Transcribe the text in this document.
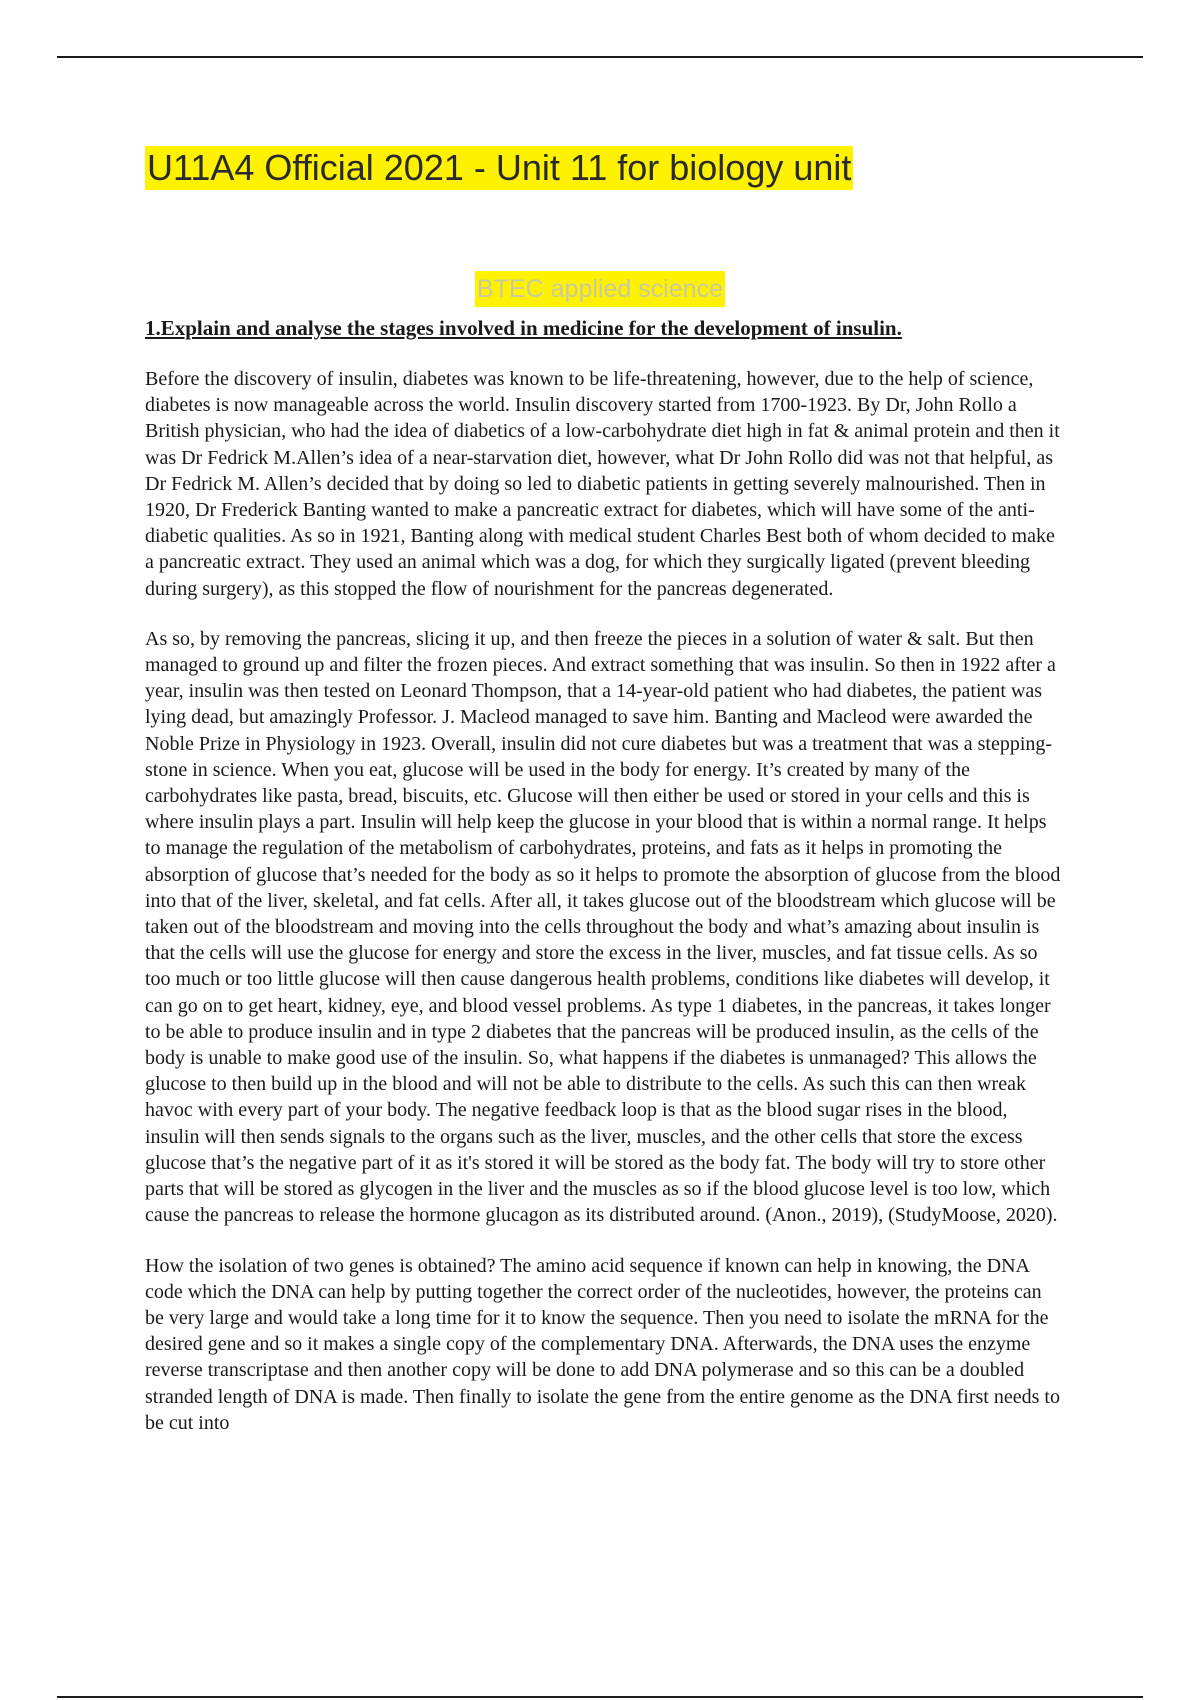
U11A4 Official 2021 - Unit 11 for biology unit
BTEC applied science
1.Explain and analyse the stages involved in medicine for the development of insulin.

Before the discovery of insulin, diabetes was known to be life-threatening, however, due to the help of science, diabetes is now manageable across the world. Insulin discovery started from 1700-1923. By Dr, John Rollo a British physician, who had the idea of diabetics of a low-carbohydrate diet high in fat & animal protein and then it was Dr Fedrick M.Allen’s idea of a near-starvation diet, however, what Dr John Rollo did was not that helpful, as Dr Fedrick M. Allen’s decided that by doing so led to diabetic patients in getting severely malnourished. Then in 1920, Dr Frederick Banting wanted to make a pancreatic extract for diabetes, which will have some of the anti-diabetic qualities. As so in 1921, Banting along with medical student Charles Best both of whom decided to make a pancreatic extract. They used an animal which was a dog, for which they surgically ligated (prevent bleeding during surgery), as this stopped the flow of nourishment for the pancreas degenerated.

As so, by removing the pancreas, slicing it up, and then freeze the pieces in a solution of water & salt. But then managed to ground up and filter the frozen pieces. And extract something that was insulin. So then in 1922 after a year, insulin was then tested on Leonard Thompson, that a 14-year-old patient who had diabetes, the patient was lying dead, but amazingly Professor. J. Macleod managed to save him. Banting and Macleod were awarded the Noble Prize in Physiology in 1923. Overall, insulin did not cure diabetes but was a treatment that was a stepping-stone in science. When you eat, glucose will be used in the body for energy. It’s created by many of the carbohydrates like pasta, bread, biscuits, etc. Glucose will then either be used or stored in your cells and this is where insulin plays a part. Insulin will help keep the glucose in your blood that is within a normal range. It helps to manage the regulation of the metabolism of carbohydrates, proteins, and fats as it helps in promoting the absorption of glucose that’s needed for the body as so it helps to promote the absorption of glucose from the blood into that of the liver, skeletal, and fat cells. After all, it takes glucose out of the bloodstream which glucose will be taken out of the bloodstream and moving into the cells throughout the body and what’s amazing about insulin is that the cells will use the glucose for energy and store the excess in the liver, muscles, and fat tissue cells. As so too much or too little glucose will then cause dangerous health problems, conditions like diabetes will develop, it can go on to get heart, kidney, eye, and blood vessel problems. As type 1 diabetes, in the pancreas, it takes longer to be able to produce insulin and in type 2 diabetes that the pancreas will be produced insulin, as the cells of the body is unable to make good use of the insulin. So, what happens if the diabetes is unmanaged? This allows the glucose to then build up in the blood and will not be able to distribute to the cells. As such this can then wreak havoc with every part of your body. The negative feedback loop is that as the blood sugar rises in the blood, insulin will then sends signals to the organs such as the liver, muscles, and the other cells that store the excess glucose that’s the negative part of it as it's stored it will be stored as the body fat. The body will try to store other parts that will be stored as glycogen in the liver and the muscles as so if the blood glucose level is too low, which cause the pancreas to release the hormone glucagon as its distributed around. (Anon., 2019), (StudyMoose, 2020).

How the isolation of two genes is obtained? The amino acid sequence if known can help in knowing, the DNA code which the DNA can help by putting together the correct order of the nucleotides, however, the proteins can be very large and would take a long time for it to know the sequence. Then you need to isolate the mRNA for the desired gene and so it makes a single copy of the complementary DNA. Afterwards, the DNA uses the enzyme reverse transcriptase and then another copy will be done to add DNA polymerase and so this can be a doubled stranded length of DNA is made. Then finally to isolate the gene from the entire genome as the DNA first needs to be cut into
